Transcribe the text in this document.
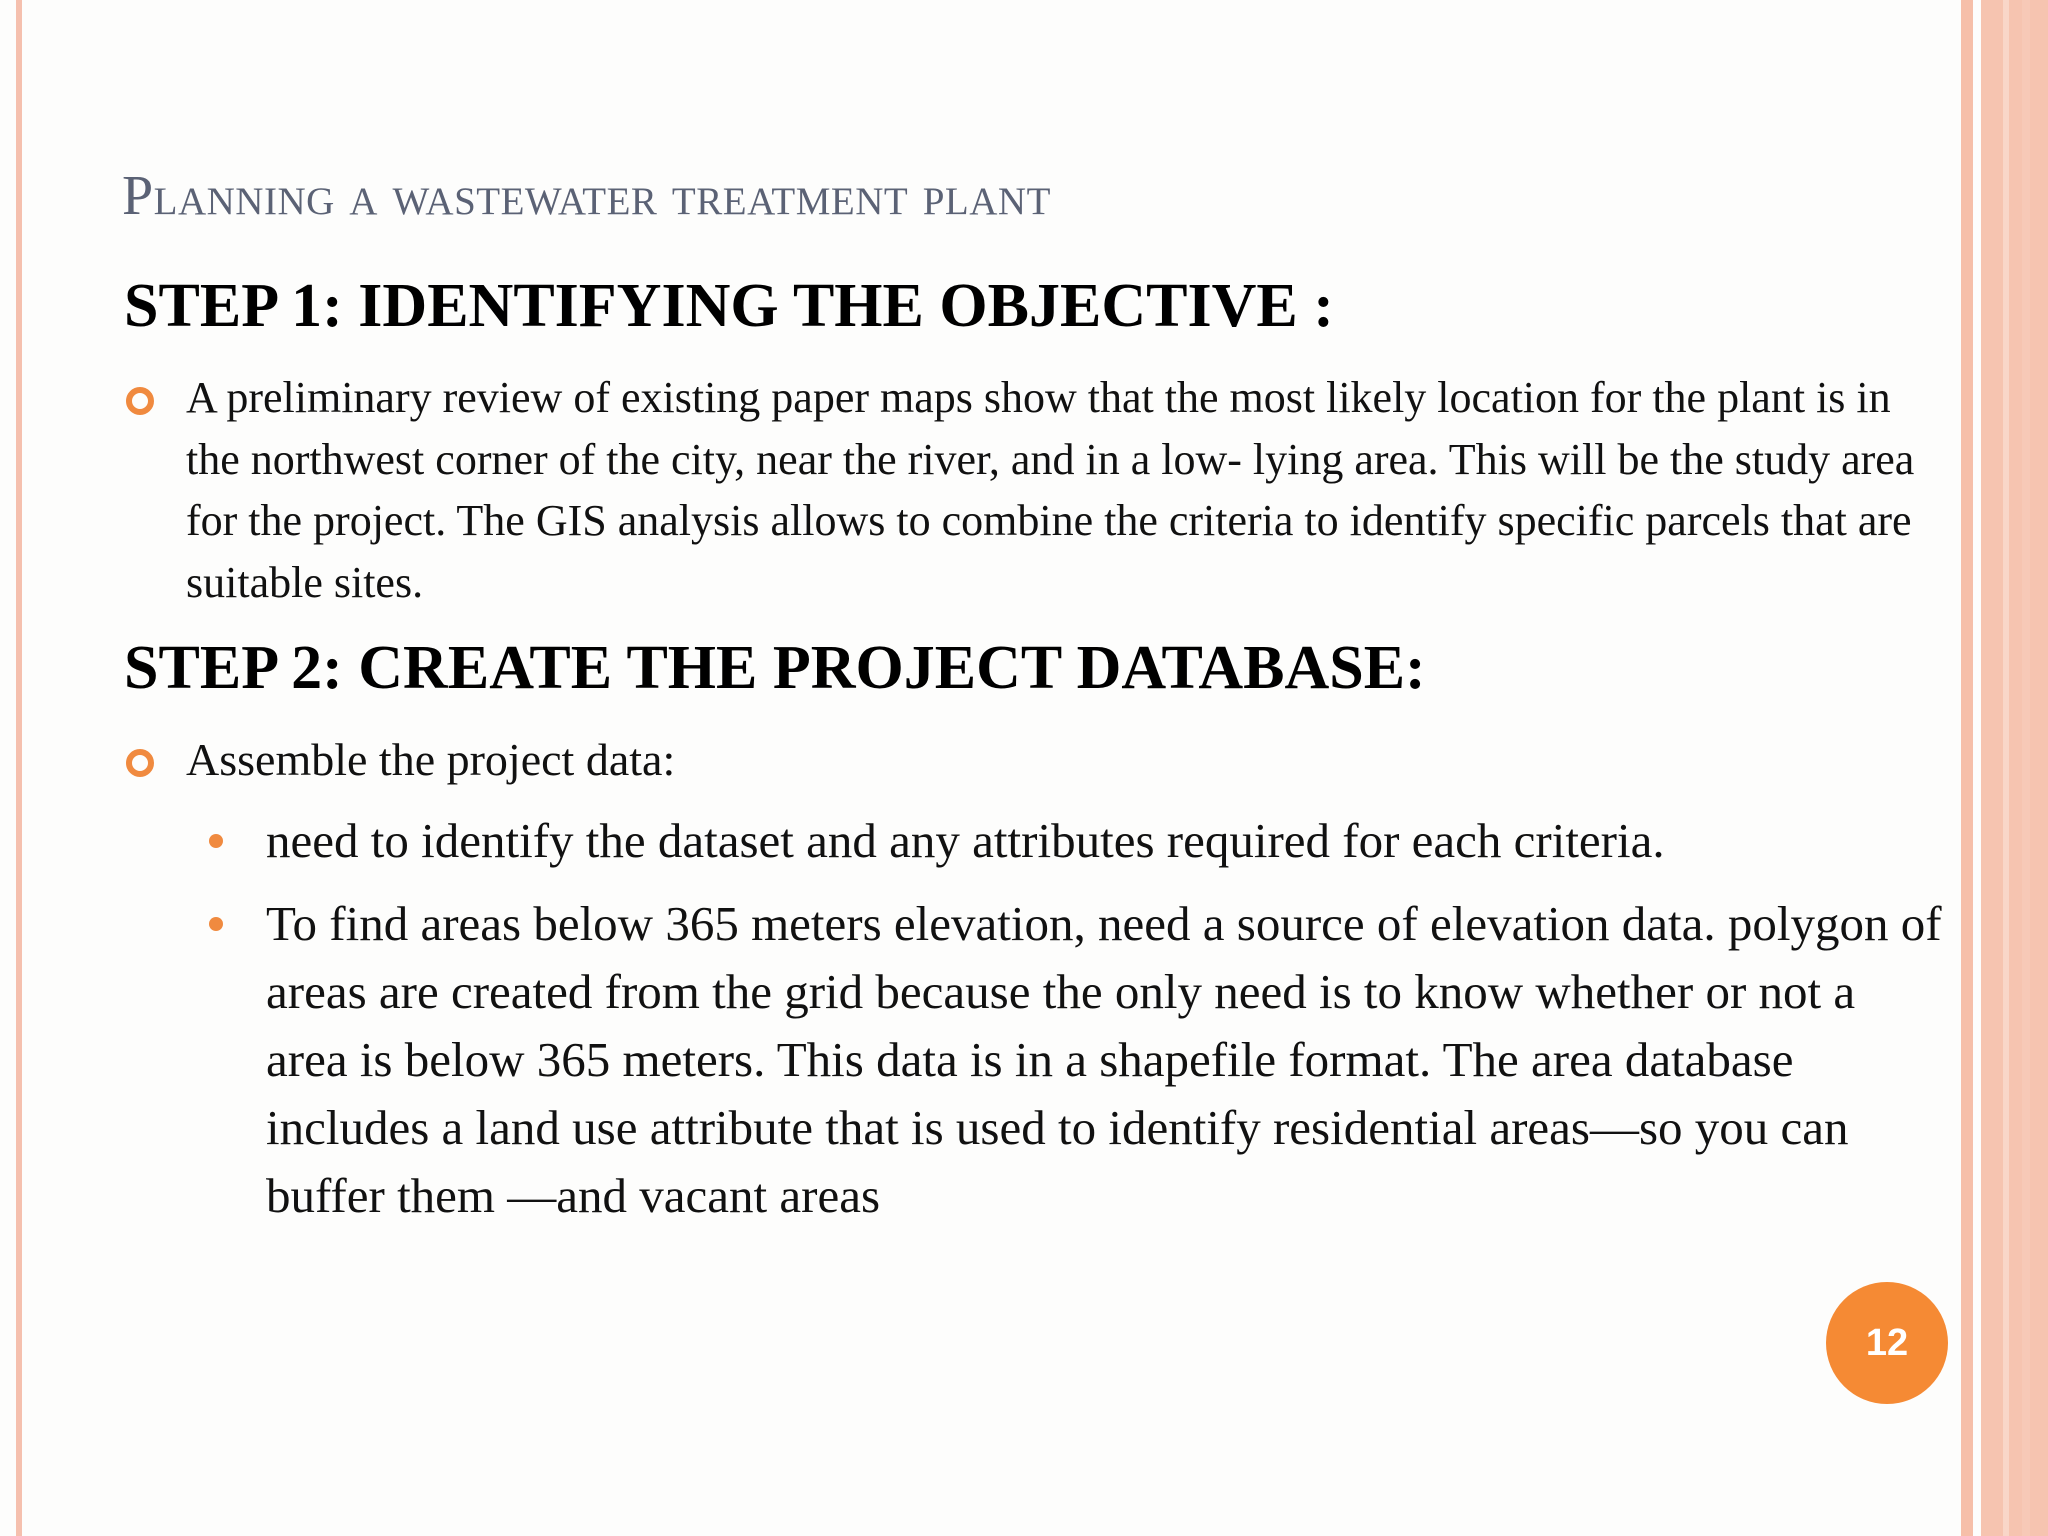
Planning a wastewater treatment plant
STEP 1: IDENTIFYING THE OBJECTIVE :
A preliminary review of existing paper maps show that the most likely location for the plant is in the northwest corner of the city, near the river, and in a low- lying area. This will be the study area for the project. The GIS analysis allows to combine the criteria to identify specific parcels that are suitable sites.
STEP 2: CREATE THE PROJECT DATABASE:
Assemble the project data:
need to identify the dataset and any attributes required for each criteria.
To find areas below 365 meters elevation, need a source of elevation data. polygon of areas are created from the grid because the only need is to know whether or not a area is below 365 meters. This data is in a shapefile format. The area database includes a land use attribute that is used to identify residential areas—so you can buffer them —and vacant areas
12
